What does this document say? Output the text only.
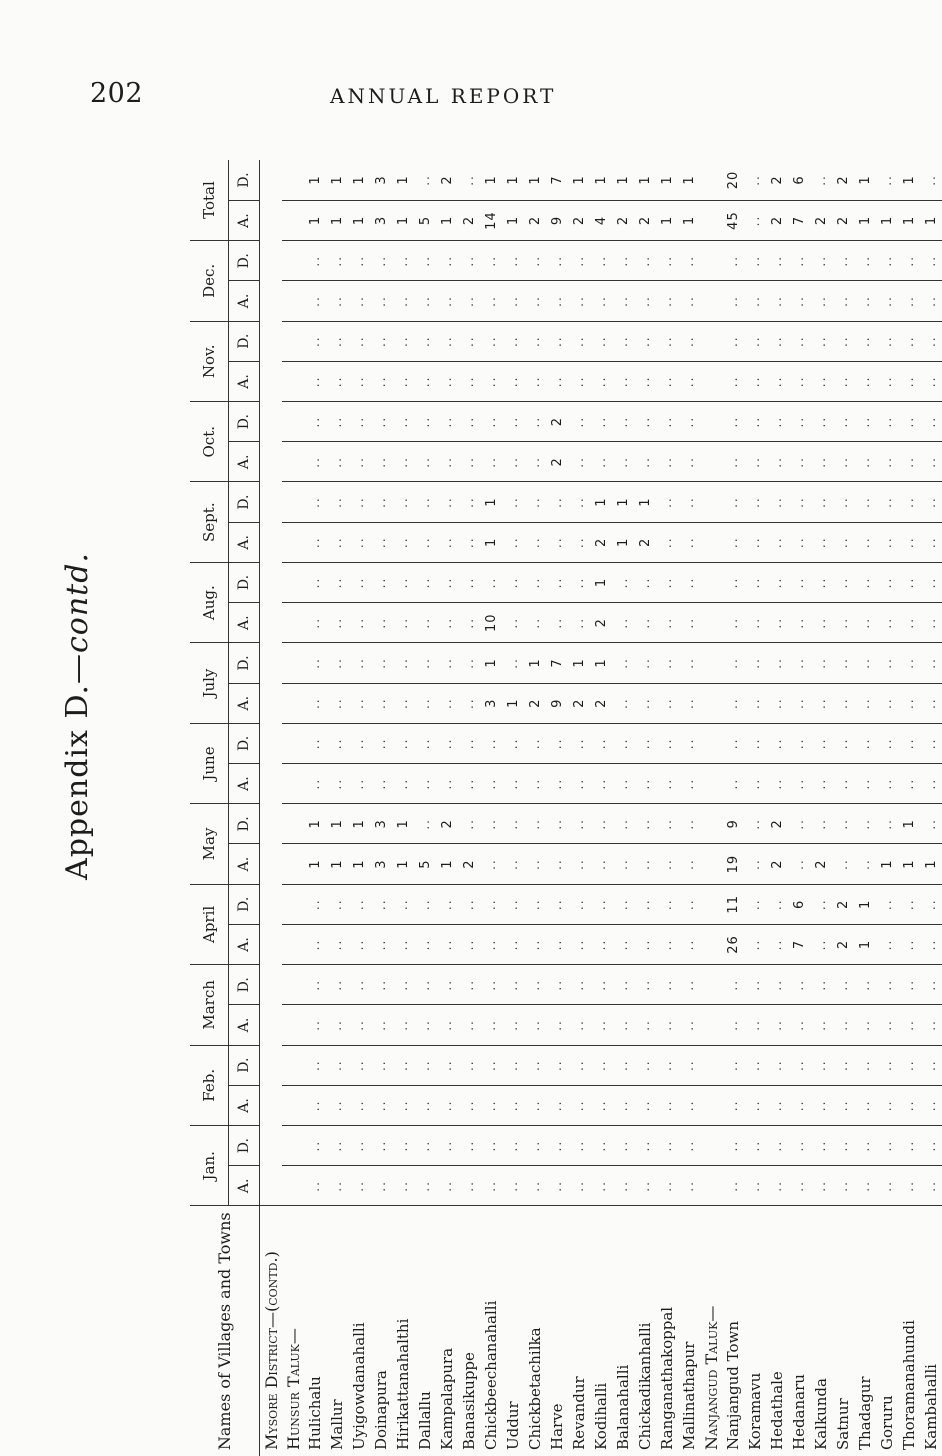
202	ANNUAL REPORT
Appendix D.—contd.
Names of Villages and Towns	Jan.		Feb.		March		April		May		June		July		Aug.		Sept.		Oct.		Nov.		Dec.		Total	
	A.	D.	A.	D.	A.	D.	A.	D.	A.	D.	A.	D.	A.	D.	A.	D.	A.	D.	A.	D.	A.	D.	A.	D.	A.	D.
Mysore District—(contd.)																										
Hunsur Taluk—																										
Hulichalu	..	..	..	..	..	..	..	..	1	1	..	..	..	..	..	..	..	..	..	..	..	..	..	..	1	1
Mallur	..	..	..	..	..	..	..	..	1	1	..	..	..	..	..	..	..	..	..	..	..	..	..	..	1	1
Uyigowdanahalli	..	..	..	..	..	..	..	..	1	1	..	..	..	..	..	..	..	..	..	..	..	..	..	..	1	1
Doinapura	..	..	..	..	..	..	..	..	3	3	..	..	..	..	..	..	..	..	..	..	..	..	..	..	3	3
Hirikattanahalthi	..	..	..	..	..	..	..	..	1	1	..	..	..	..	..	..	..	..	..	..	..	..	..	..	1	1
Dallallu	..	..	..	..	..	..	..	..	5	..	..	..	..	..	..	..	..	..	..	..	..	..	..	..	5	..
Kampalapura	..	..	..	..	..	..	..	..	1	2	..	..	..	..	..	..	..	..	..	..	..	..	..	..	1	2
Banasikuppe	..	..	..	..	..	..	..	..	2	..	..	..	..	..	..	..	..	..	..	..	..	..	..	..	2	..
Chickbeechanahalli	..	..	..	..	..	..	..	..	..	..	..	..	3	1	10	..	1	1	..	..	..	..	..	..	14	1
Uddur	..	..	..	..	..	..	..	..	..	..	..	..	1	..	..	..	..	..	..	..	..	..	..	..	1	1
Chickbetachilka	..	..	..	..	..	..	..	..	..	..	..	..	2	1	..	..	..	..	..	..	..	..	..	..	2	1
Harve	..	..	..	..	..	..	..	..	..	..	..	..	9	7	..	..	..	..	2	2	..	..	..	..	9	7
Revandur	..	..	..	..	..	..	..	..	..	..	..	..	2	1	..	..	..	..	..	..	..	..	..	..	2	1
Kodihalli	..	..	..	..	..	..	..	..	..	..	..	..	2	1	2	1	2	1	..	..	..	..	..	..	4	1
Balanahalli	..	..	..	..	..	..	..	..	..	..	..	..	..	..	..	..	1	1	..	..	..	..	..	..	2	1
Chickadikanhalli	..	..	..	..	..	..	..	..	..	..	..	..	..	..	..	..	2	1	..	..	..	..	..	..	2	1
Ranganathakoppal	..	..	..	..	..	..	..	..	..	..	..	..	..	..	..	..	..	..	..	..	..	..	..	..	1	1
Mallinathapur	..	..	..	..	..	..	..	..	..	..	..	..	..	..	..	..	..	..	..	..	..	..	..	..	1	1
Nanjangud Taluk—																										
Nanjangud Town	..	..	..	..	..	..	26	11	19	9	..	..	..	..	..	..	..	..	..	..	..	..	..	..	45	20
Koramavu	..	..	..	..	..	..	..	..	..	..	..	..	..	..	..	..	..	..	..	..	..	..	..	..	..	..
Hedathale	..	..	..	..	..	..	..	..	2	2	..	..	..	..	..	..	..	..	..	..	..	..	..	..	2	2
Hedanaru	..	..	..	..	..	..	7	6	..	..	..	..	..	..	..	..	..	..	..	..	..	..	..	..	7	6
Kalkunda	..	..	..	..	..	..	..	..	2	..	..	..	..	..	..	..	..	..	..	..	..	..	..	..	2	..
Satnur	..	..	..	..	..	..	2	2	..	..	..	..	..	..	..	..	..	..	..	..	..	..	..	..	2	2
Thadagur	..	..	..	..	..	..	1	1	..	..	..	..	..	..	..	..	..	..	..	..	..	..	..	..	1	1
Goruru	..	..	..	..	..	..	..	..	1	..	..	..	..	..	..	..	..	..	..	..	..	..	..	..	1	..
Thoramanahundi	..	..	..	..	..	..	..	..	1	1	..	..	..	..	..	..	..	..	..	..	..	..	..	..	1	1
Kambahalli	..	..	..	..	..	..	..	..	1	..	..	..	..	..	..	..	..	..	..	..	..	..	..	..	1	..
